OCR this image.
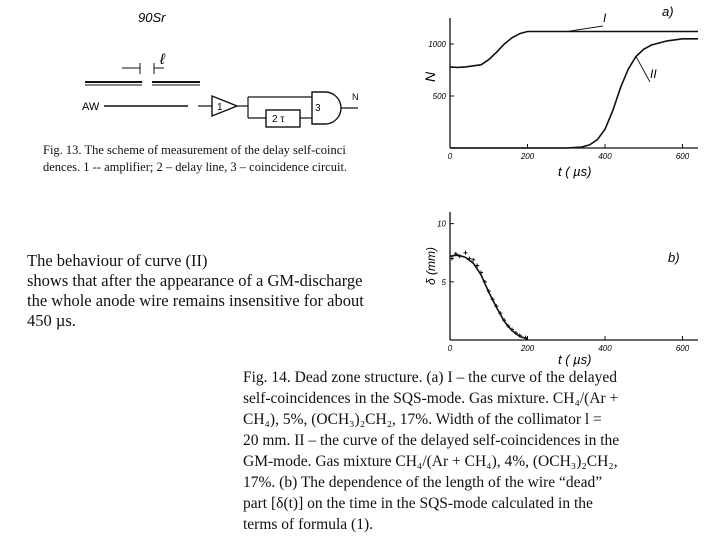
90Sr
ℓ
AW	1
2 τ
3
N
Fig. 13. The scheme of measurement of the delay self-coinci
dences. 1 -- amplifier; 2 – delay line, 3 – coincidence circuit.
The behaviour of curve (II)
shows that after the appearance of a GM-discharge
the whole anode wire remains insensitive for about
450 µs.
0	200	400	600
500
1000
I
II
a)
N
t ( µs)
0	200	400	600
5
10
b)
δ (mm)
t ( µs)
Fig. 14. Dead zone structure. (a) I – the curve of the delayed
self-coincidences in the SQS-mode. Gas mixture. CH₄/(Ar +
CH₄), 5%, (OCH₃)₂CH₂, 17%. Width of the collimator l =
20 mm. II – the curve of the delayed self-coincidences in the
GM-mode. Gas mixture CH₄/(Ar + CH₄), 4%, (OCH₃)₂CH₂,
17%. (b) The dependence of the length of the wire “dead”
part [δ(t)] on the time in the SQS-mode calculated in the
terms of formula (1).
